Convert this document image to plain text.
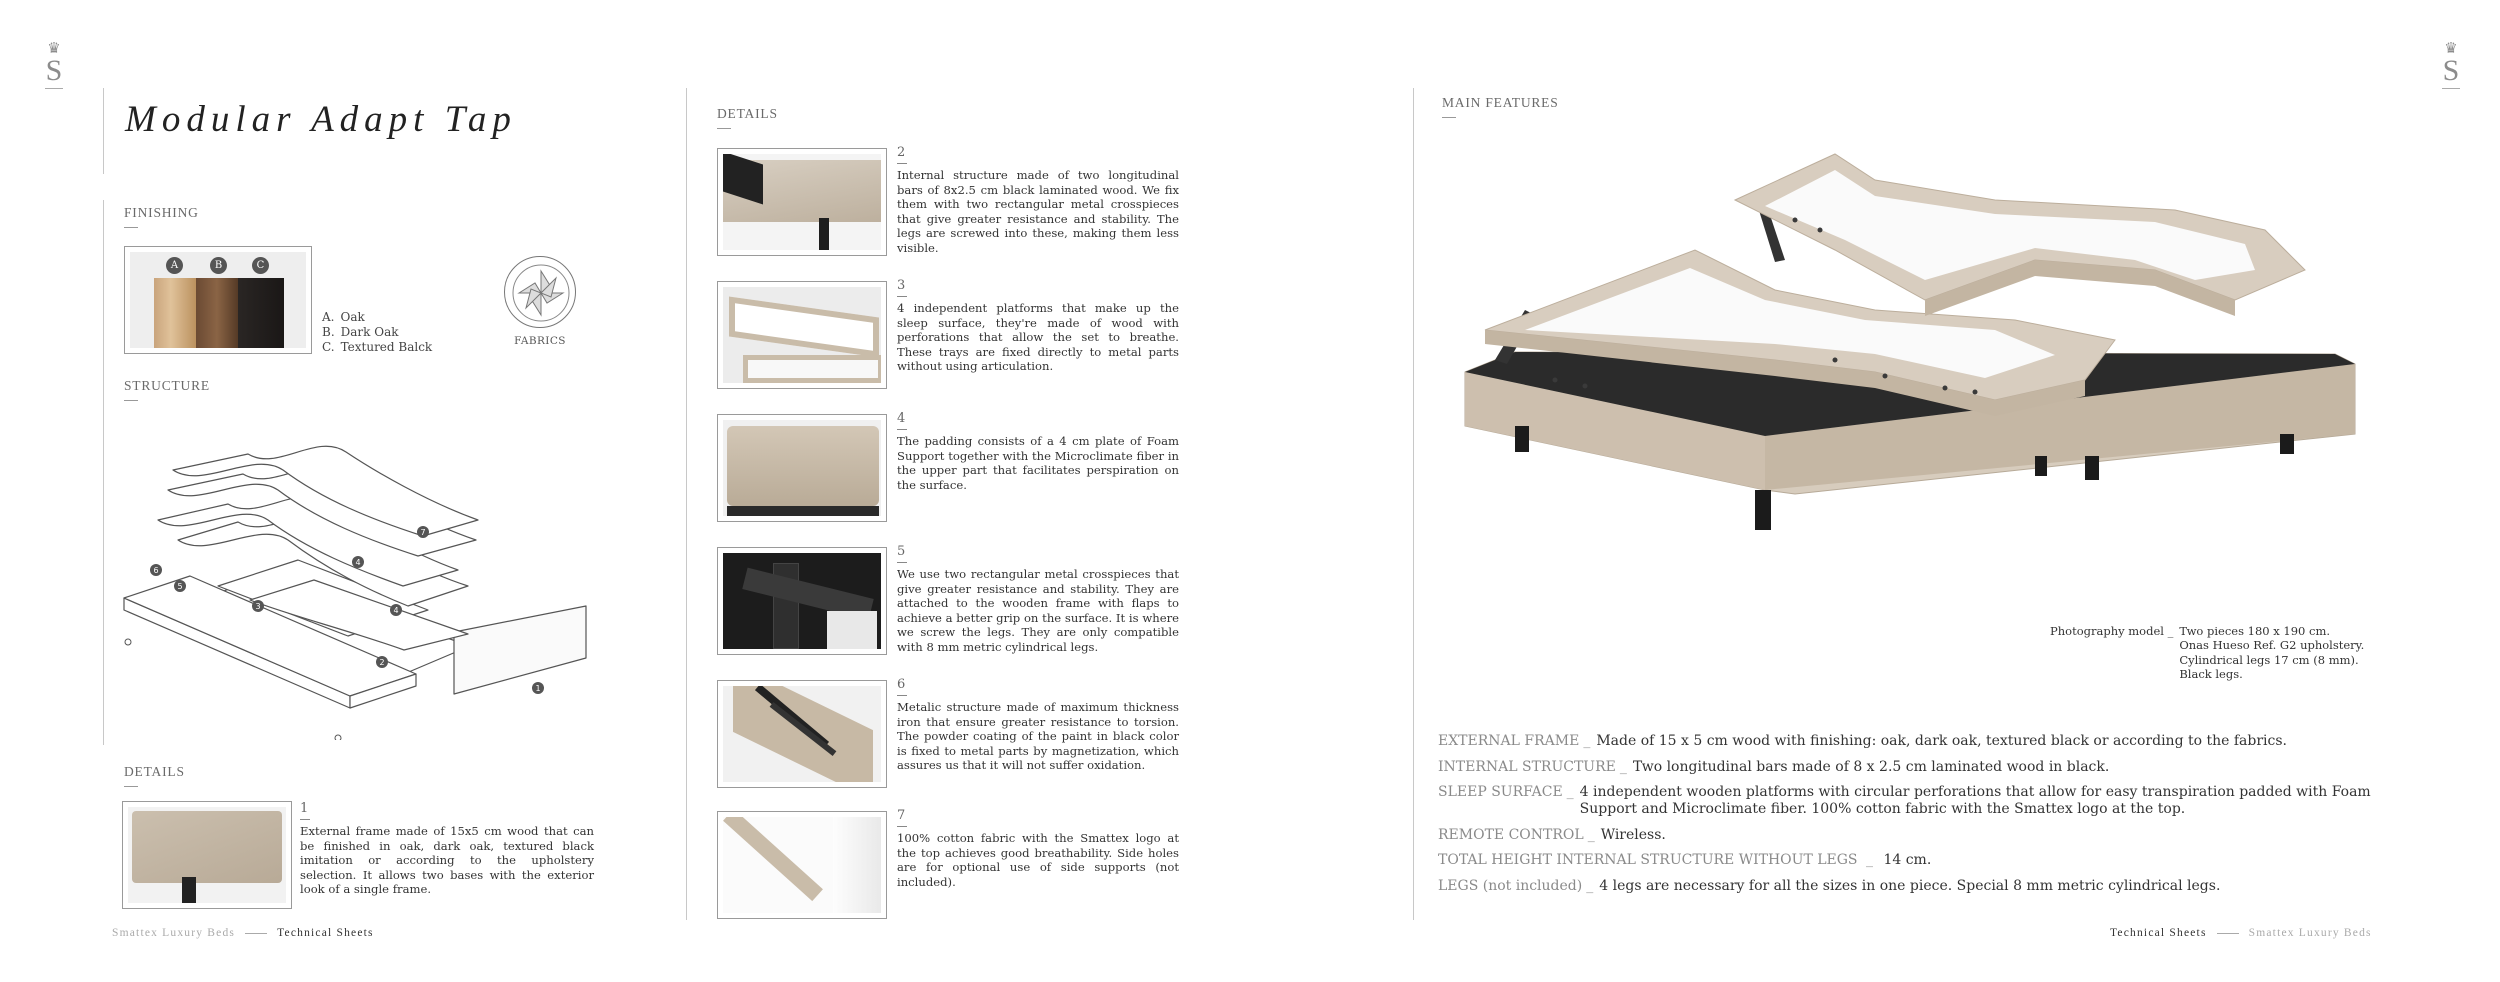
♛
S
♛
S
Modular Adapt Tap
FINISHING
A	B	C
A. Oak
B. Dark Oak
C. Textured Balck	FABRICS
STRUCTURE
7
4
6
5
3	4
2
1
DETAILS
1
External frame made of 15x5 cm wood that can be finished in oak, dark oak, textured black imitation or according to the upholstery selection. It allows two bases with the exterior look of a single frame.
DETAILS
2
Internal structure made of two longitudinal bars of 8x2.5 cm black laminated wood. We fix them with two rectangular metal crosspieces that give greater resistance and stability. The legs are screwed into these, making them less visible.
3
4 independent platforms that make up the sleep surface, they're made of wood with perforations that allow the set to breathe. These trays are fixed directly to metal parts without using articulation.
4
The padding consists of a 4 cm plate of Foam Support together with the Microclimate fiber in the upper part that facilitates perspiration on the surface.
5
We use two rectangular metal crosspieces that give greater resistance and stability. They are attached to the wooden frame with flaps to achieve a better grip on the surface. It is where we screw the legs. They are only compatible with 8 mm metric cylindrical legs.
6
Metalic structure made of maximum thickness iron that ensure greater resistance to torsion. The powder coating of the paint in black color is fixed to metal parts by magnetization, which assures us that it will not suffer oxidation.
7
100% cotton fabric with the Smattex logo at the top achieves good breathability. Side holes are for optional use of side supports (not included).
MAIN FEATURES
Photography model _ Two pieces 180 x 190 cm.
Onas Hueso Ref. G2 upholstery.
Cylindrical legs 17 cm (8 mm).
Black legs.
EXTERNAL FRAME _ Made of 15 x 5 cm wood with finishing: oak, dark oak, textured black or according to the fabrics.
INTERNAL STRUCTURE _ Two longitudinal bars made of 8 x 2.5 cm laminated wood in black.
SLEEP SURFACE _ 4 independent wooden platforms with circular perforations that allow for easy transpiration padded with Foam Support and Microclimate fiber. 100% cotton fabric with the Smattex logo at the top.
REMOTE CONTROL _ Wireless.
TOTAL HEIGHT INTERNAL STRUCTURE WITHOUT LEGS _ 14 cm.
LEGS (not included) _ 4 legs are necessary for all the sizes in one piece. Special 8 mm metric cylindrical legs.
Smattex Luxury Beds	Technical Sheets	Technical Sheets	Smattex Luxury Beds
